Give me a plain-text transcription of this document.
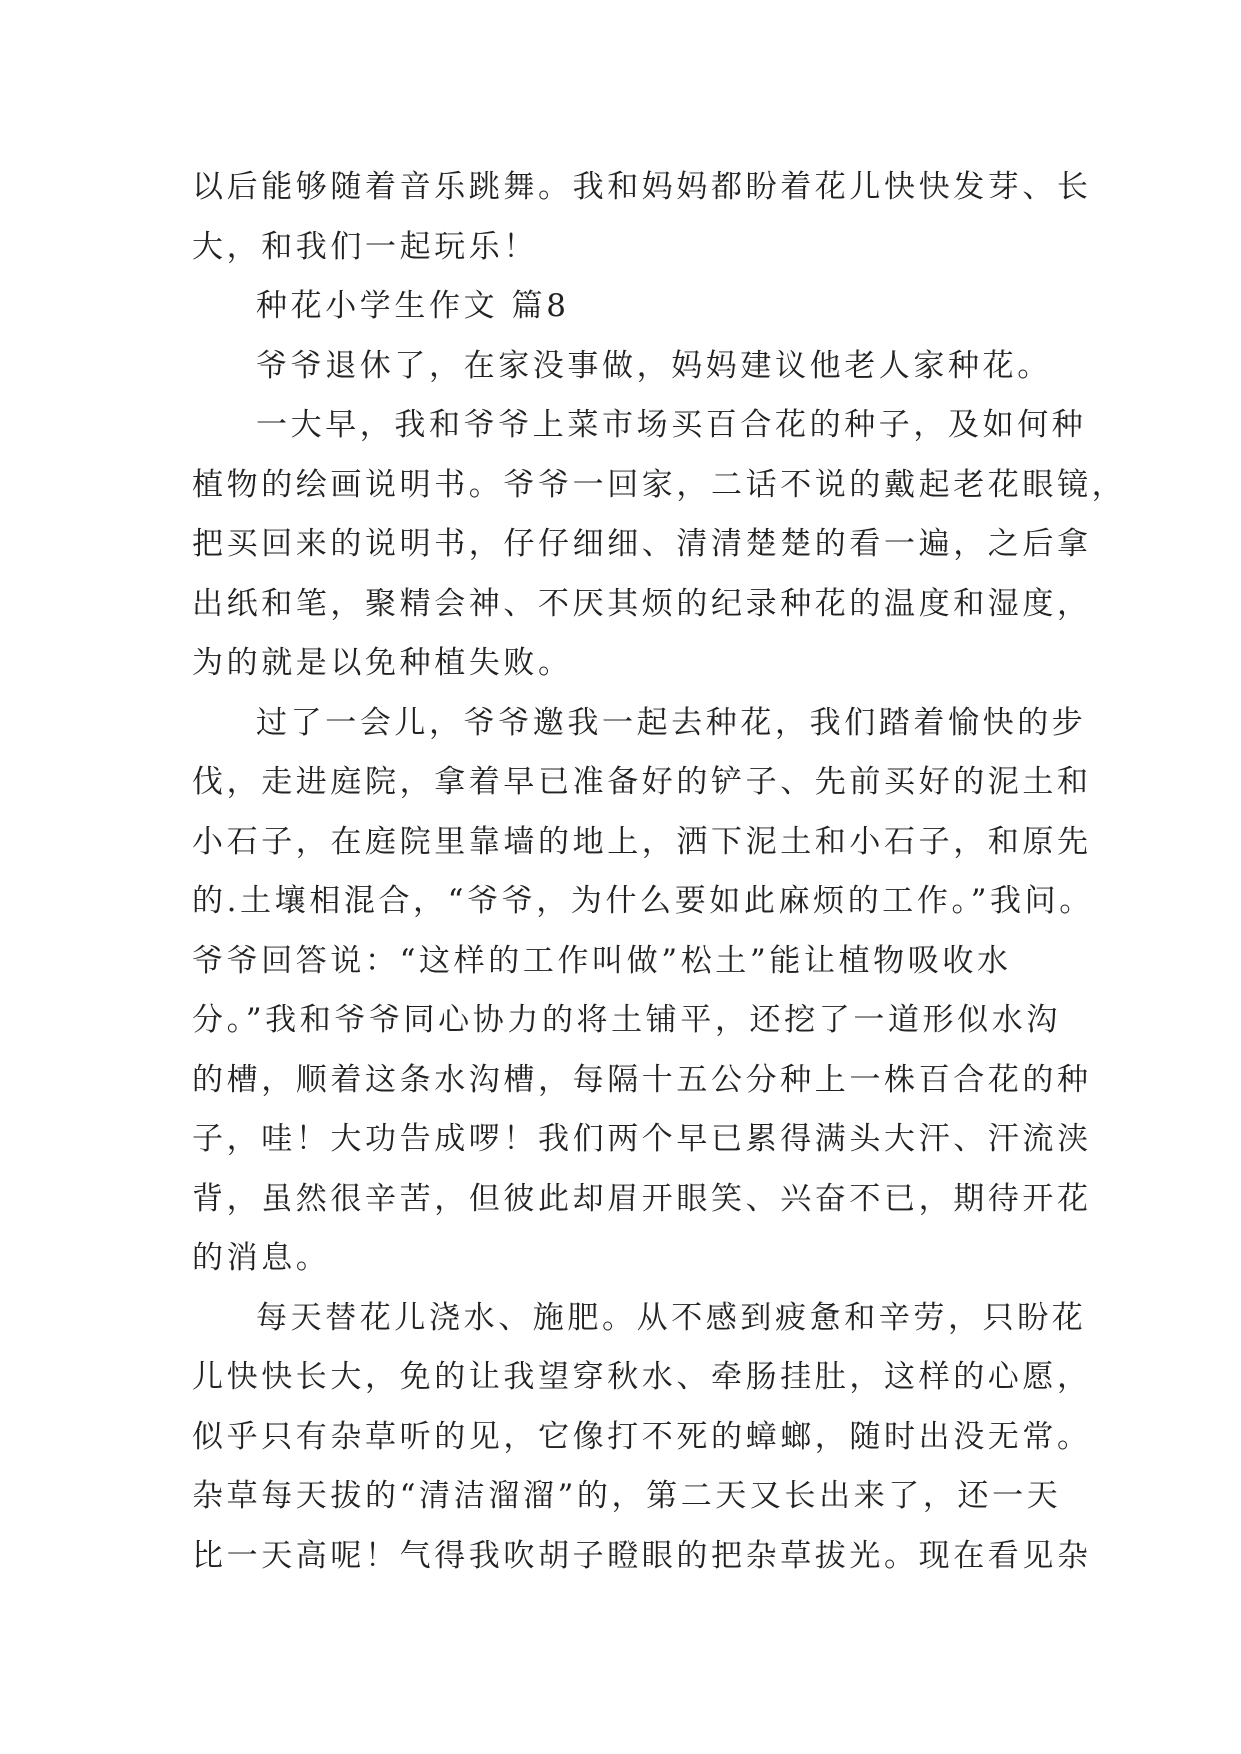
以后能够随着音乐跳舞。我和妈妈都盼着花儿快快发芽、长
大，和我们一起玩乐！
种花小学生作文 篇8
爷爷退休了，在家没事做，妈妈建议他老人家种花。
一大早，我和爷爷上菜市场买百合花的种子，及如何种
植物的绘画说明书。爷爷一回家，二话不说的戴起老花眼镜，
把买回来的说明书，仔仔细细、清清楚楚的看一遍，之后拿
出纸和笔，聚精会神、不厌其烦的纪录种花的温度和湿度，
为的就是以免种植失败。
过了一会儿，爷爷邀我一起去种花，我们踏着愉快的步
伐，走进庭院，拿着早已准备好的铲子、先前买好的泥土和
小石子，在庭院里靠墙的地上，洒下泥土和小石子，和原先
的.土壤相混合，“爷爷，为什么要如此麻烦的工作。”我问。
爷爷回答说：“这样的工作叫做”松土”能让植物吸收水
分。”我和爷爷同心协力的将土铺平，还挖了一道形似水沟
的槽，顺着这条水沟槽，每隔十五公分种上一株百合花的种
子，哇！大功告成啰！我们两个早已累得满头大汗、汗流浃
背，虽然很辛苦，但彼此却眉开眼笑、兴奋不已，期待开花
的消息。
每天替花儿浇水、施肥。从不感到疲惫和辛劳，只盼花
儿快快长大，免的让我望穿秋水、牵肠挂肚，这样的心愿，
似乎只有杂草听的见，它像打不死的蟑螂，随时出没无常。
杂草每天拔的“清洁溜溜”的，第二天又长出来了，还一天
比一天高呢！气得我吹胡子瞪眼的把杂草拔光。现在看见杂
